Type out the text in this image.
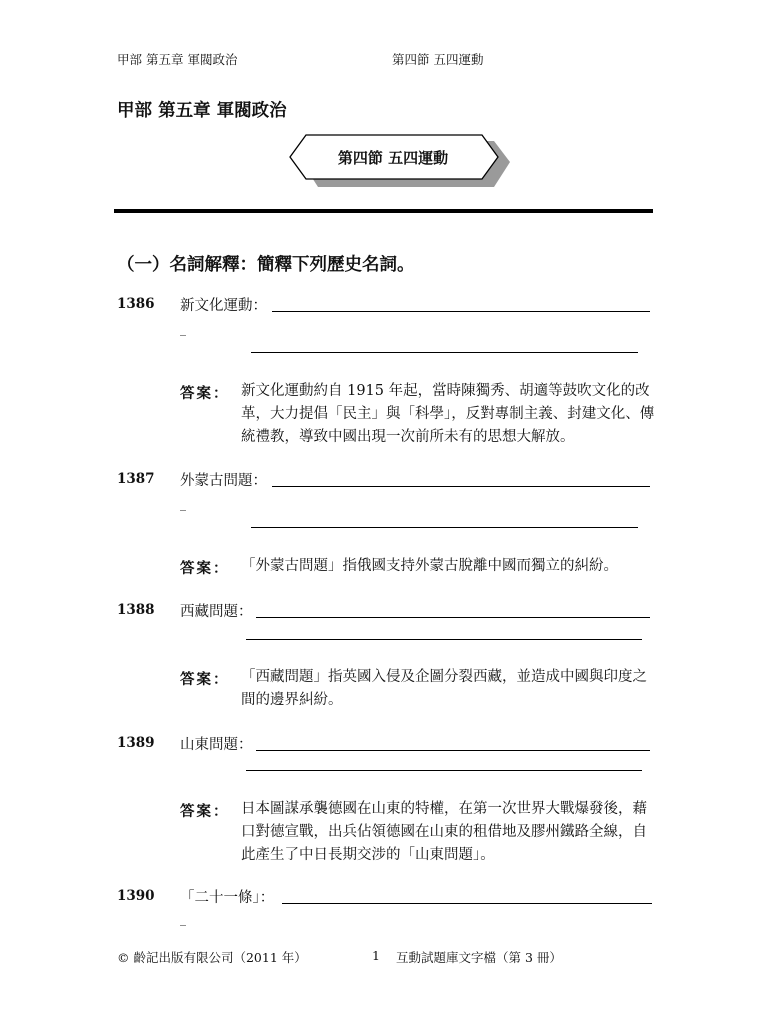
甲部 第五章 軍閥政治	第四節 五四運動
甲部 第五章 軍閥政治
第四節 五四運動
（一）名詞解釋：簡釋下列歷史名詞。
1386 新文化運動：
_
答案： 新文化運動約自 1915 年起，當時陳獨秀、胡適等鼓吹文化的改革，大力提倡「民主」與「科學」，反對專制主義、封建文化、傳統禮教，導致中國出現一次前所未有的思想大解放。
1387 外蒙古問題：
_
答案： 「外蒙古問題」指俄國支持外蒙古脫離中國而獨立的糾紛。
1388 西藏問題：
答案： 「西藏問題」指英國入侵及企圖分裂西藏，並造成中國與印度之間的邊界糾紛。
1389 山東問題：
答案： 日本圖謀承襲德國在山東的特權，在第一次世界大戰爆發後，藉口對德宣戰，出兵佔領德國在山東的租借地及膠州鐵路全線，自此產生了中日長期交涉的「山東問題」。
1390 「二十一條」：
_
© 齡記出版有限公司（2011 年）	1 互動試題庫文字檔（第 3 冊）
